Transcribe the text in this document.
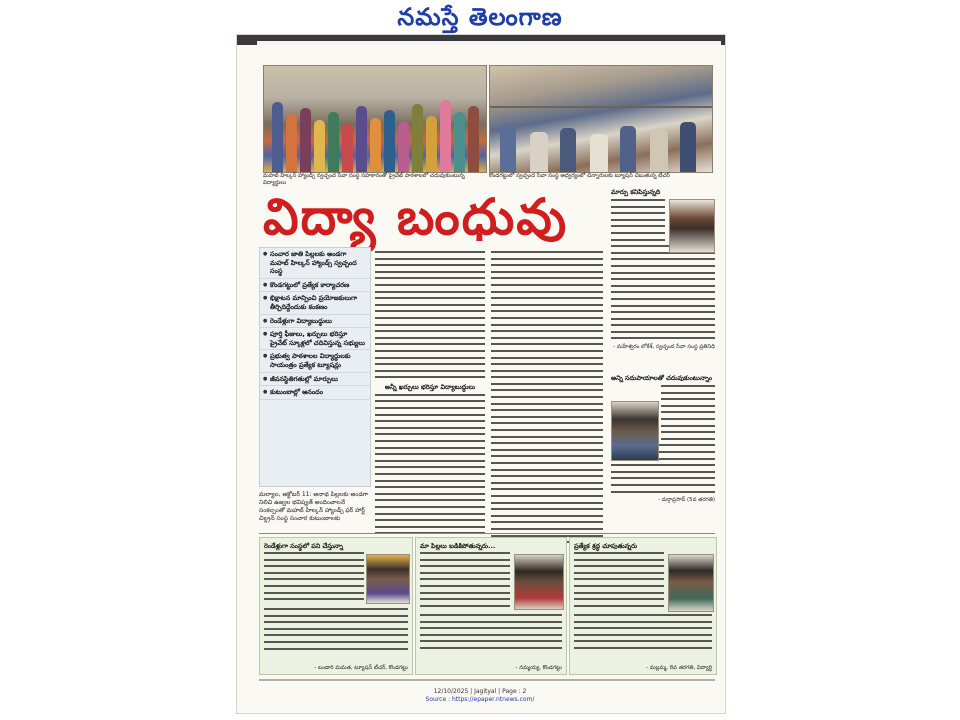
నమస్తే తెలంగాణ
మహబ్ హిల్కన్ హ్యాండ్స్ స్వచ్ఛంద సేవా సంస్థ సహకారంతో ప్రైవేట్ పాఠశాలలో చదువుకుంటున్న విద్యార్థులు
కొండగట్టులో స్వచ్ఛంద సేవా సంస్థ ఆధ్వర్యంలో చిన్నారులకు ట్యూషన్ చెబుతున్న టీచర్
విద్యా బంధువు	మార్పు కనిపిస్తున్నది
- మహేశ్వరం లోకేశ్, స్వచ్ఛంద సేవా సంస్థ ప్రతినిధి
● సంచార జాతి పిల్లలకు అండగా మహబ్ హిల్కన్ హ్యాండ్స్ స్వచ్ఛంద సంస్థ
● కొండగట్టులో ప్రత్యేక కార్యాచరణ
● భిక్షాటన మాన్పించి ప్రయోజకులుగా తీర్చిదిద్దేందుకు కంకణం
● రెండేళ్లుగా విద్యాబుద్ధులు
● పూర్తి ఫీజులు, ఖర్చులు భరిస్తూ ప్రైవేట్ స్కూళ్లలో చదివిస్తున్న సభ్యులు
● ప్రభుత్వ పాఠశాలల విద్యార్థులకు సాయంత్రం ప్రత్యేక ట్యూషన్లు
● జీవనస్థితిగతుల్లో మార్పులు
● కుటుంబాల్లో ఆనందం
మల్యాల, అక్టోబర్ 11: అనాథ పిల్లలకు అండగా నిలిచి ఉజ్వల భవిష్యత్ అందించాలనే సంకల్పంతో మహబ్ హిల్కన్ హ్యాండ్స్ ఫర్ హార్ట్ చిల్డ్రన్ సంస్థ సంచార కుటుంబాలకు
అన్నీ ఖర్చులు భరిస్తూ విద్యాబుద్ధులు
అన్ని సదుపాయాలతో చదువుకుంటున్నాం
- దుర్గాప్రసాద్ (5వ తరగతి)
రెండేళ్లుగా సంస్థలో పని చేస్తున్నా
- బండారి మమత, ట్యూషన్ టీచర్, కొండగట్టు
మా పిల్లలు బడికిపోతున్నరు...
- నమ్మయ్య, కొండగట్టు
ప్రత్యేక శ్రద్ధ చూపుతున్నరు
- మల్లమ్మ, 8వ తరగతి, విద్యార్థి
12/10/2025 | Jagityal | Page : 2
Source : https://epaper.ntnews.com/
